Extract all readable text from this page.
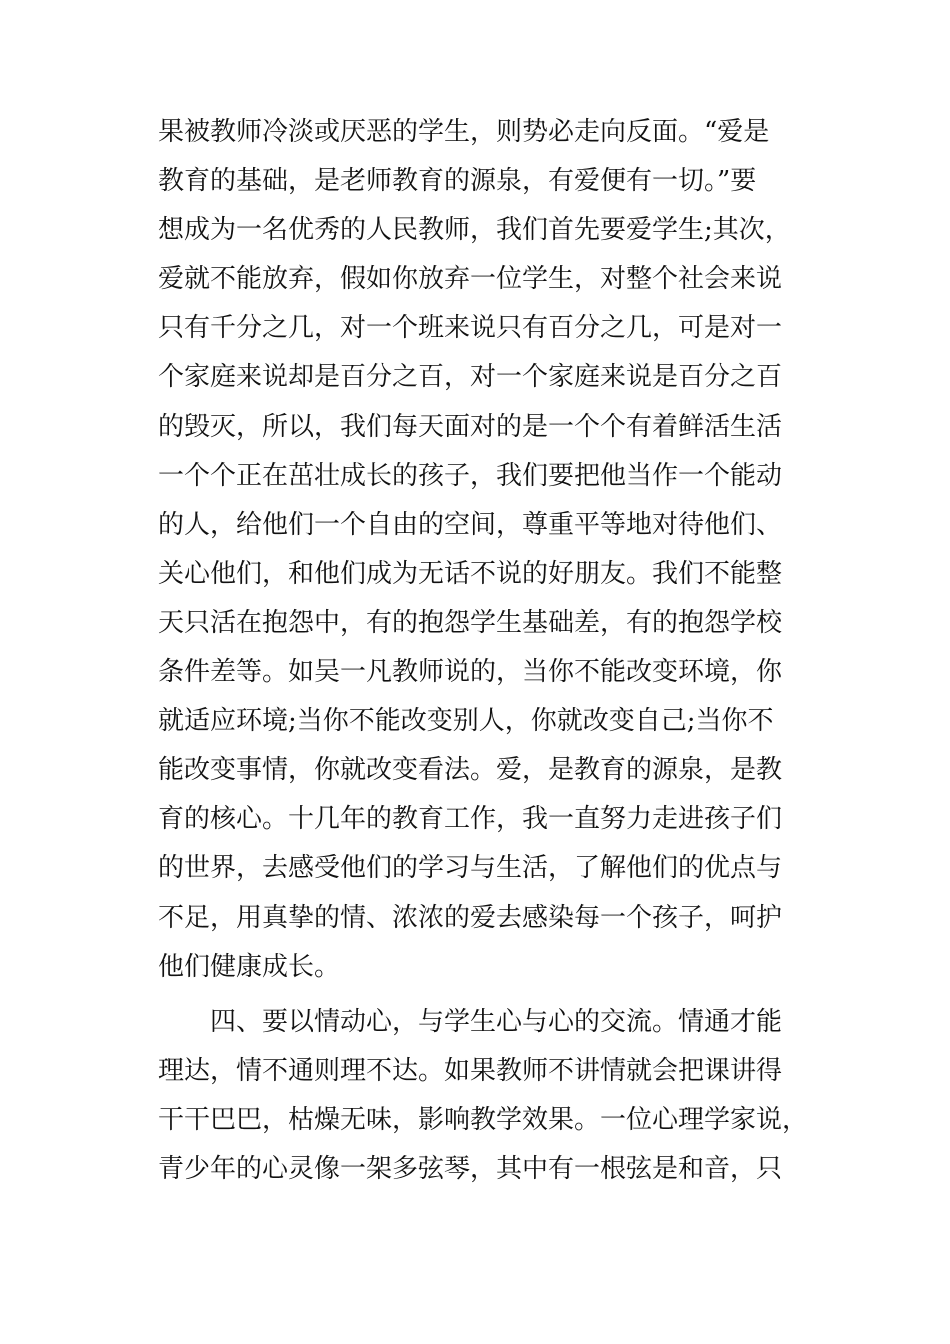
果被教师冷淡或厌恶的学生，则势必走向反面。“爱是
教育的基础，是老师教育的源泉，有爱便有一切。”要
想成为一名优秀的人民教师，我们首先要爱学生;其次，
爱就不能放弃，假如你放弃一位学生，对整个社会来说
只有千分之几，对一个班来说只有百分之几，可是对一
个家庭来说却是百分之百，对一个家庭来说是百分之百
的毁灭，所以，我们每天面对的是一个个有着鲜活生活
一个个正在茁壮成长的孩子，我们要把他当作一个能动
的人，给他们一个自由的空间，尊重平等地对待他们、
关心他们，和他们成为无话不说的好朋友。我们不能整
天只活在抱怨中，有的抱怨学生基础差，有的抱怨学校
条件差等。如吴一凡教师说的，当你不能改变环境，你
就适应环境;当你不能改变别人，你就改变自己;当你不
能改变事情，你就改变看法。爱，是教育的源泉，是教
育的核心。十几年的教育工作，我一直努力走进孩子们
的世界，去感受他们的学习与生活，了解他们的优点与
不足，用真挚的情、浓浓的爱去感染每一个孩子，呵护
他们健康成长。
　　四、要以情动心，与学生心与心的交流。情通才能
理达，情不通则理不达。如果教师不讲情就会把课讲得
干干巴巴，枯燥无味，影响教学效果。一位心理学家说，
青少年的心灵像一架多弦琴，其中有一根弦是和音，只
